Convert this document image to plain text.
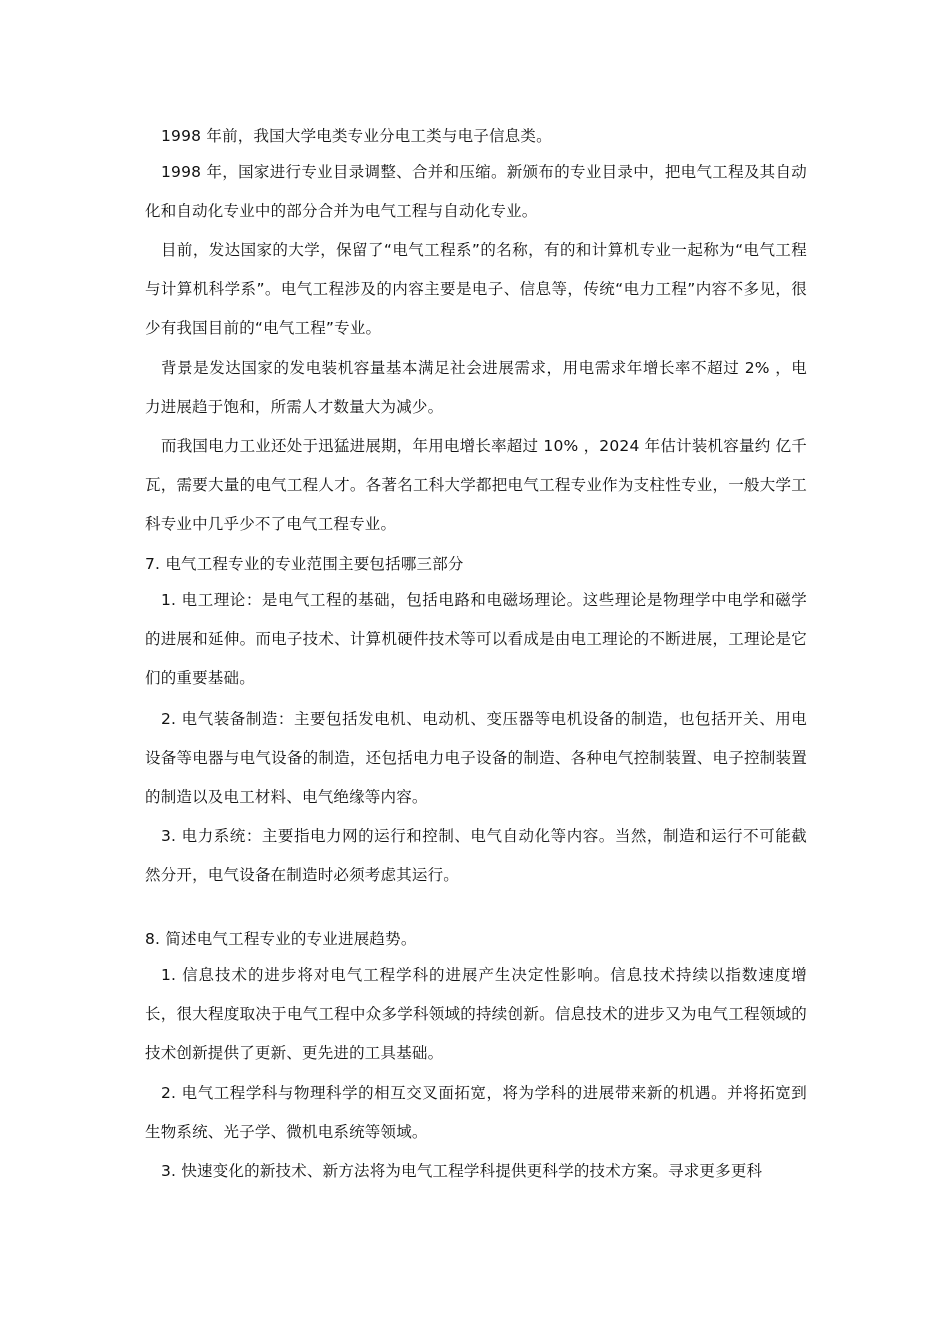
1998 年前，我国大学电类专业分电工类与电子信息类。

1998 年，国家进行专业目录调整、合并和压缩。新颁布的专业目录中，把电气工程及其自动化和自动化专业中的部分合并为电气工程与自动化专业。

目前，发达国家的大学，保留了“电气工程系”的名称，有的和计算机专业一起称为“电气工程与计算机科学系”。电气工程涉及的内容主要是电子、信息等，传统“电力工程”内容不多见，很少有我国目前的“电气工程”专业。

背景是发达国家的发电装机容量基本满足社会进展需求，用电需求年增长率不超过 2% ，电力进展趋于饱和，所需人才数量大为减少。

而我国电力工业还处于迅猛进展期，年用电增长率超过 10% ，2024 年估计装机容量约 亿千瓦，需要大量的电气工程人才。各著名工科大学都把电气工程专业作为支柱性专业，一般大学工科专业中几乎少不了电气工程专业。

7. 电气工程专业的专业范围主要包括哪三部分

1. 电工理论：是电气工程的基础，包括电路和电磁场理论。这些理论是物理学中电学和磁学的进展和延伸。而电子技术、计算机硬件技术等可以看成是由电工理论的不断进展，工理论是它们的重要基础。

2. 电气装备制造：主要包括发电机、电动机、变压器等电机设备的制造，也包括开关、用电设备等电器与电气设备的制造，还包括电力电子设备的制造、各种电气控制装置、电子控制装置的制造以及电工材料、电气绝缘等内容。

3. 电力系统：主要指电力网的运行和控制、电气自动化等内容。当然，制造和运行不可能截然分开，电气设备在制造时必须考虑其运行。

8. 简述电气工程专业的专业进展趋势。

1. 信息技术的进步将对电气工程学科的进展产生决定性影响。信息技术持续以指数速度增长，很大程度取决于电气工程中众多学科领域的持续创新。信息技术的进步又为电气工程领域的技术创新提供了更新、更先进的工具基础。

2. 电气工程学科与物理科学的相互交叉面拓宽，将为学科的进展带来新的机遇。并将拓宽到生物系统、光子学、微机电系统等领域。

3. 快速变化的新技术、新方法将为电气工程学科提供更科学的技术方案。寻求更多更科
